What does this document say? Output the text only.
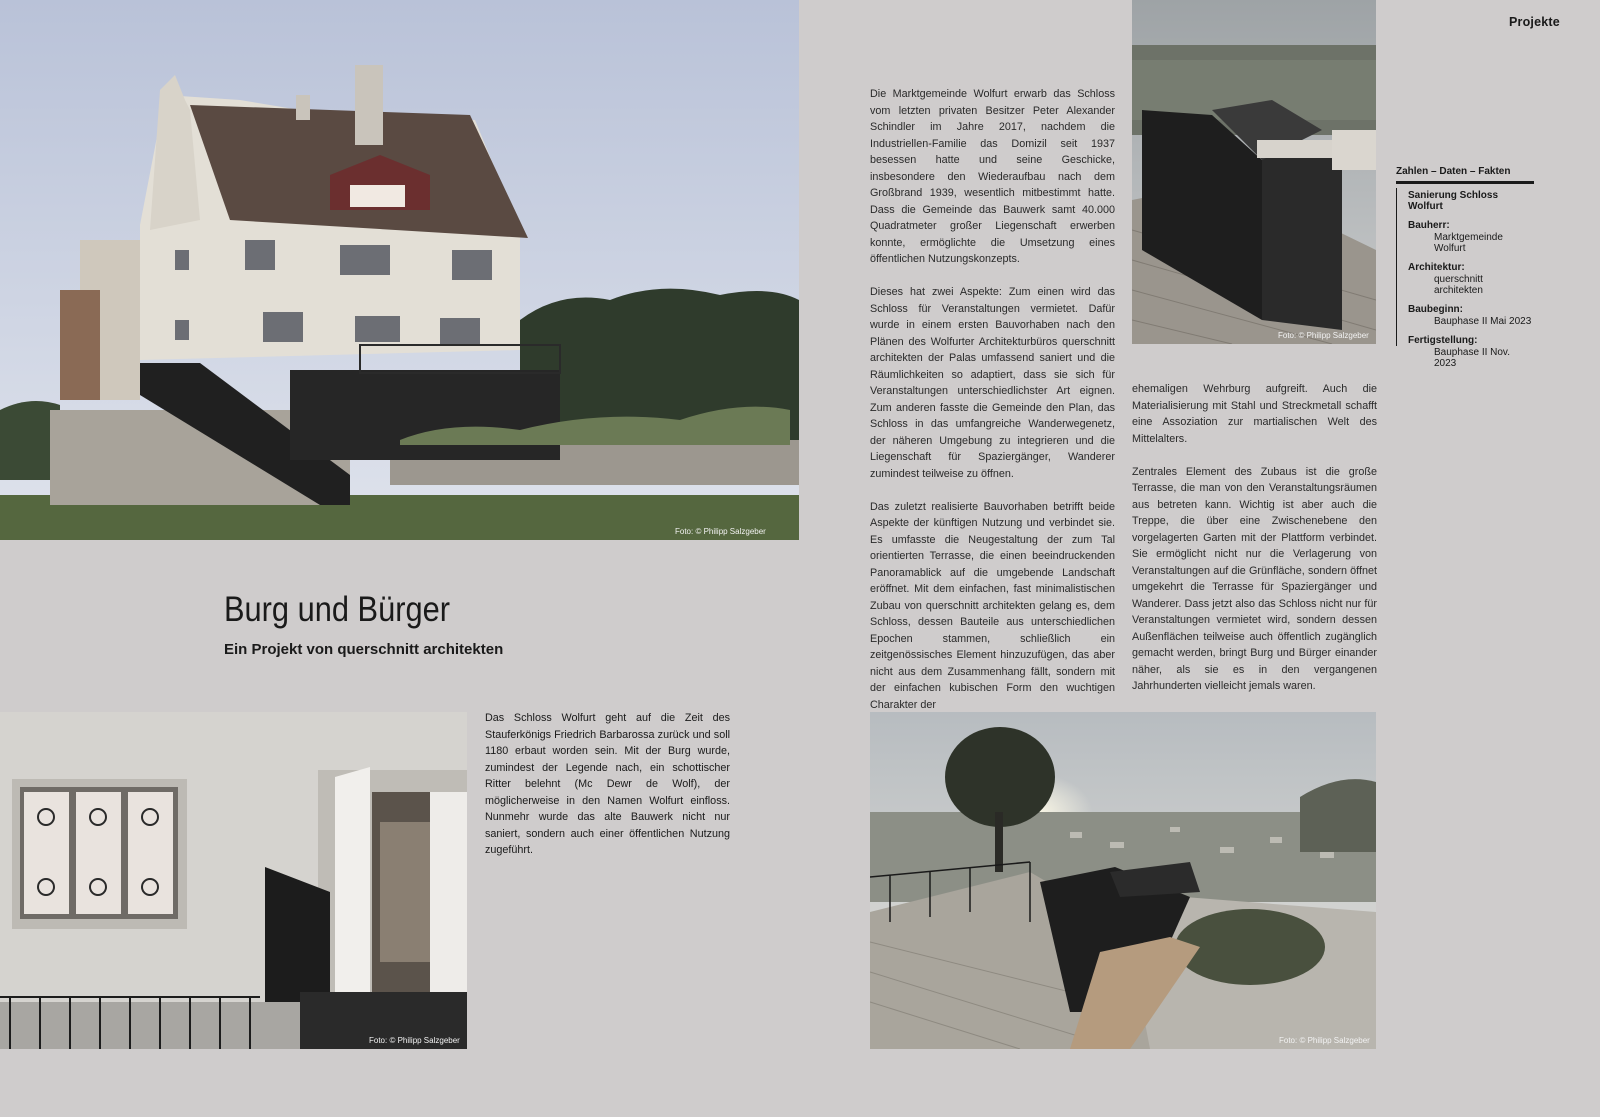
Projekte
Foto: © Philipp Salzgeber
Foto: © Philipp Salzgeber
Burg und Bürger
Ein Projekt von querschnitt architekten

Das Schloss Wolfurt geht auf die Zeit des Stauferkönigs Friedrich Barbarossa zurück und soll 1180 erbaut worden sein. Mit der Burg wurde, zumindest der Legende nach, ein schottischer Ritter belehnt (Mc Dewr de Wolf), der möglicherweise in den Namen Wolfurt einfloss. Nunmehr wurde das alte Bauwerk nicht nur saniert, sondern auch einer öffentlichen Nutzung zugeführt.

Die Marktgemeinde Wolfurt erwarb das Schloss vom letzten privaten Besitzer Peter Alexander Schindler im Jahre 2017, nachdem die Industriellen-Familie das Domizil seit 1937 besessen hatte und seine Geschicke, insbesondere den Wiederaufbau nach dem Großbrand 1939, wesentlich mitbestimmt hatte. Dass die Gemeinde das Bauwerk samt 40.000 Quadratmeter großer Liegenschaft erwerben konnte, ermöglichte die Umsetzung eines öffentlichen Nutzungskonzepts.

Dieses hat zwei Aspekte: Zum einen wird das Schloss für Veranstaltungen vermietet. Dafür wurde in einem ersten Bauvorhaben nach den Plänen des Wolfurter Architekturbüros querschnitt architekten der Palas umfassend saniert und die Räumlichkeiten so adaptiert, dass sie sich für Veranstaltungen unterschiedlichster Art eignen. Zum anderen fasste die Gemeinde den Plan, das Schloss in das umfangreiche Wanderwegenetz, der näheren Umgebung zu integrieren und die Liegenschaft für Spaziergänger, Wanderer zumindest teilweise zu öffnen.

Das zuletzt realisierte Bauvorhaben betrifft beide Aspekte der künftigen Nutzung und verbindet sie. Es umfasste die Neugestaltung der zum Tal orientierten Terrasse, die einen beeindruckenden Panoramablick auf die umgebende Landschaft eröffnet. Mit dem einfachen, fast minimalistischen Zubau von querschnitt architekten gelang es, dem Schloss, dessen Bauteile aus unterschiedlichen Epochen stammen, schließlich ein zeitgenössisches Element hinzuzufügen, das aber nicht aus dem Zusammenhang fällt, sondern mit der einfachen kubischen Form den wuchtigen Charakter der

ehemaligen Wehrburg aufgreift. Auch die Materialisierung mit Stahl und Streckmetall schafft eine Assoziation zur martialischen Welt des Mittelalters.

Zentrales Element des Zubaus ist die große Terrasse, die man von den Veranstaltungsräumen aus betreten kann. Wichtig ist aber auch die Treppe, die über eine Zwischenebene den vorgelagerten Garten mit der Plattform verbindet. Sie ermöglicht nicht nur die Verlagerung von Veranstaltungen auf die Grünfläche, sondern öffnet umgekehrt die Terrasse für Spaziergänger und Wanderer. Dass jetzt also das Schloss nicht nur für Veranstaltungen vermietet wird, sondern dessen Außenflächen teilweise auch öffentlich zugänglich gemacht werden, bringt Burg und Bürger einander näher, als sie es in den vergangenen Jahrhunderten vielleicht jemals waren.

Zahlen – Daten – Fakten
Sanierung Schloss Wolfurt
Bauherr:
Marktgemeinde Wolfurt
Architektur:
querschnitt architekten
Baubeginn:
Bauphase II Mai 2023
Fertigstellung:
Bauphase II Nov. 2023
Foto: © Philipp Salzgeber	Foto: © Philipp Salzgeber
